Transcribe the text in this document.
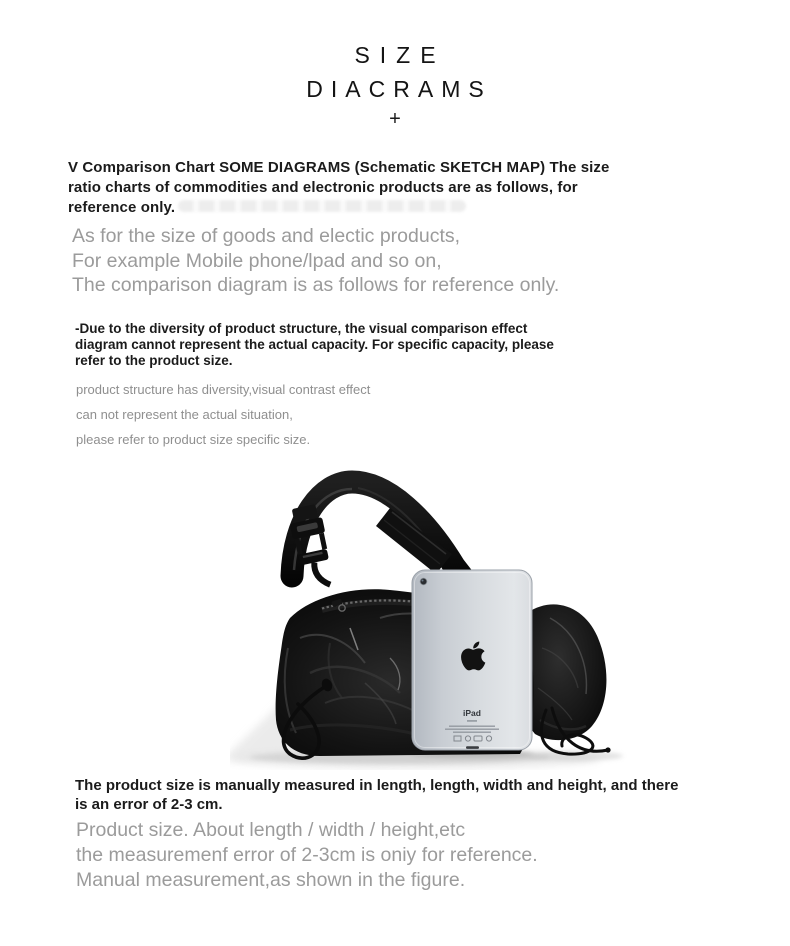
SIZE
DIACRAMS
+
V Comparison Chart SOME DIAGRAMS (Schematic SKETCH MAP) The size
ratio charts of commodities and electronic products are as follows, for
reference only.
As for the size of goods and electic products,
For example Mobile phone/lpad and so on,
The comparison diagram is as follows for reference only.
-Due to the diversity of product structure, the visual comparison effect
diagram cannot represent the actual capacity. For specific capacity, please
refer to the product size.
product structure has diversity,visual contrast effect
can not represent the actual situation,
please refer to product size specific size.
iPad
The product size is manually measured in length, length, width and height, and there
is an error of 2-3 cm.
Product size. About length / width / height,etc
the measuremenf error of 2-3cm is oniy for reference.
Manual measurement,as shown in the figure.
